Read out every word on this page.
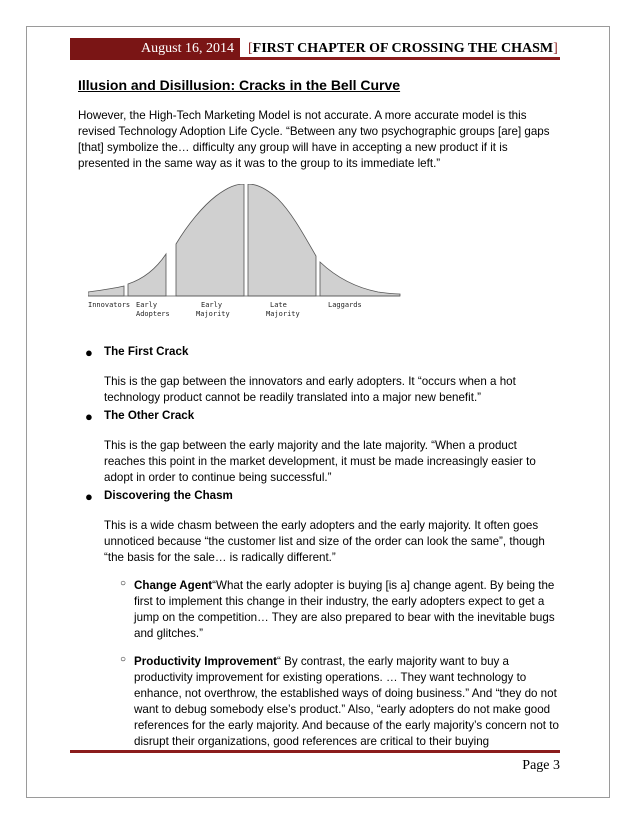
August 16, 2014 [ FIRST CHAPTER OF CROSSING THE CHASM ]
Illusion and Disillusion: Cracks in the Bell Curve

However, the High-Tech Marketing Model is not accurate. A more accurate model is this revised Technology Adoption Life Cycle. “Between any two psychographic groups [are] gaps [that] symbolize the… difficulty any group will have in accepting a new product if it is presented in the same way as it was to the group to its immediate left.”

Innovators Early
Adopters
Early
Majority
Late
Majority
Laggards
● The First Crack
This is the gap between the innovators and early adopters. It “occurs when a hot technology product cannot be readily translated into a major new benefit.”
● The Other Crack
This is the gap between the early majority and the late majority. “When a product reaches this point in the market development, it must be made increasingly easier to adopt in order to continue being successful.”
● Discovering the Chasm
This is a wide chasm between the early adopters and the early majority. It often goes unnoticed because “the customer list and size of the order can look the same”, though “the basis for the sale… is radically different.”
○ Change Agent“What the early adopter is buying [is a] change agent. By being the first to implement this change in their industry, the early adopters expect to get a jump on the competition… They are also prepared to bear with the inevitable bugs and glitches.”
○ Productivity Improvement“ By contrast, the early majority want to buy a productivity improvement for existing operations. … They want technology to enhance, not overthrow, the established ways of doing business.” And “they do not want to debug somebody else’s product.” Also, “early adopters do not make good references for the early majority. And because of the early majority’s concern not to disrupt their organizations, good references are critical to their buying
Page 3
